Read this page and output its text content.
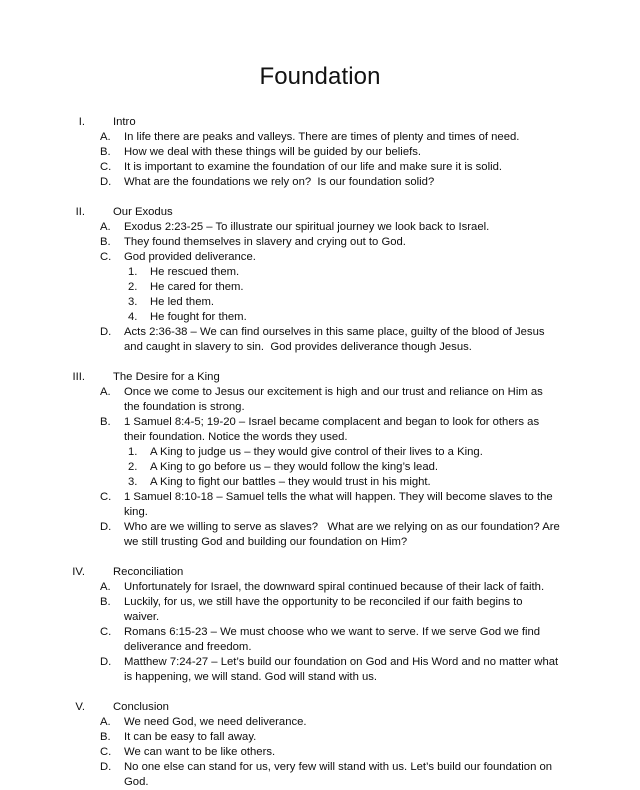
Foundation
I. Intro
A.	In life there are peaks and valleys. There are times of plenty and times of need.
B.	How we deal with these things will be guided by our beliefs.
C.	It is important to examine the foundation of our life and make sure it is solid.
D.	What are the foundations we rely on?  Is our foundation solid?
II. Our Exodus
A.	Exodus 2:23-25 – To illustrate our spiritual journey we look back to Israel.
B.	They found themselves in slavery and crying out to God.
C.	God provided deliverance.
1.	He rescued them.
2.	He cared for them.
3.	He led them.
4.	He fought for them.
D.	Acts 2:36-38 – We can find ourselves in this same place, guilty of the blood of Jesus and caught in slavery to sin.  God provides deliverance though Jesus.
III. The Desire for a King
A.	Once we come to Jesus our excitement is high and our trust and reliance on Him as the foundation is strong.
B.	1 Samuel 8:4-5; 19-20 – Israel became complacent and began to look for others as their foundation. Notice the words they used.
1.	A King to judge us – they would give control of their lives to a King.
2.	A King to go before us – they would follow the king’s lead.
3.	A King to fight our battles – they would trust in his might.
C.	1 Samuel 8:10-18 – Samuel tells the what will happen. They will become slaves to the king.
D.	Who are we willing to serve as slaves?   What are we relying on as our foundation? Are we still trusting God and building our foundation on Him?
IV. Reconciliation
A.	Unfortunately for Israel, the downward spiral continued because of their lack of faith.
B.	Luckily, for us, we still have the opportunity to be reconciled if our faith begins to waiver.
C.	Romans 6:15-23 – We must choose who we want to serve. If we serve God we find deliverance and freedom.
D.	Matthew 7:24-27 – Let’s build our foundation on God and His Word and no matter what is happening, we will stand. God will stand with us.
V. Conclusion
A.	We need God, we need deliverance.
B.	It can be easy to fall away.
C.	We can want to be like others.
D.	No one else can stand for us, very few will stand with us. Let’s build our foundation on God.
